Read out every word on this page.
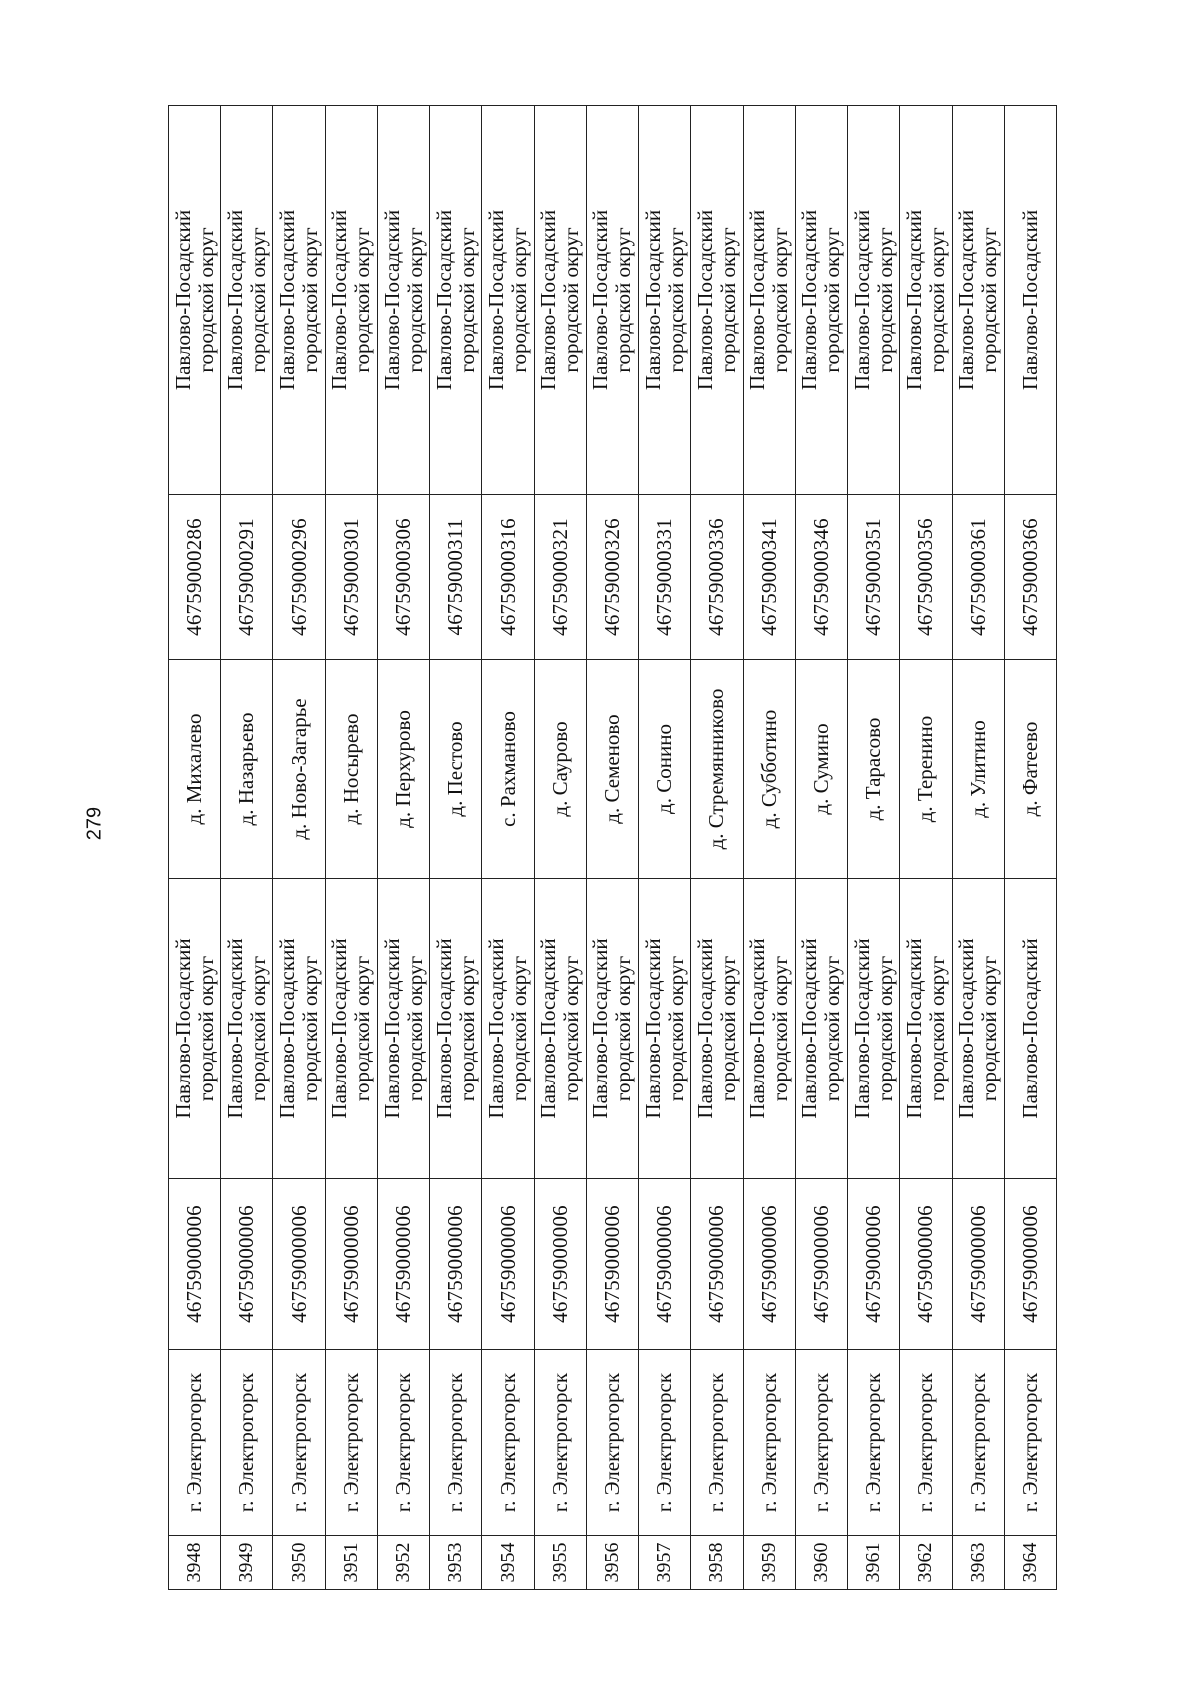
279
3948	г. Электрогорск	46759000006	Павлово-Посадский городской округ	д. Михалево	46759000286	Павлово-Посадский городской округ

3949	г. Электрогорск	46759000006	Павлово-Посадский городской округ	д. Назарьево	46759000291	Павлово-Посадский городской округ

3950	г. Электрогорск	46759000006	Павлово-Посадский городской округ	д. Ново-Загарье	46759000296	Павлово-Посадский городской округ

3951	г. Электрогорск	46759000006	Павлово-Посадский городской округ	д. Носырево	46759000301	Павлово-Посадский городской округ

3952	г. Электрогорск	46759000006	Павлово-Посадский городской округ	д. Перхурово	46759000306	Павлово-Посадский городской округ

3953	г. Электрогорск	46759000006	Павлово-Посадский городской округ	д. Пестово	46759000311	Павлово-Посадский городской округ

3954	г. Электрогорск	46759000006	Павлово-Посадский городской округ	с. Рахманово	46759000316	Павлово-Посадский городской округ

3955	г. Электрогорск	46759000006	Павлово-Посадский городской округ	д. Саурово	46759000321	Павлово-Посадский городской округ

3956	г. Электрогорск	46759000006	Павлово-Посадский городской округ	д. Семеново	46759000326	Павлово-Посадский городской округ

3957	г. Электрогорск	46759000006	Павлово-Посадский городской округ	д. Сонино	46759000331	Павлово-Посадский городской округ

3958	г. Электрогорск	46759000006	Павлово-Посадский городской округ	д. Стремянниково	46759000336	Павлово-Посадский городской округ

3959	г. Электрогорск	46759000006	Павлово-Посадский городской округ	д. Субботино	46759000341	Павлово-Посадский городской округ

3960	г. Электрогорск	46759000006	Павлово-Посадский городской округ	д. Сумино	46759000346	Павлово-Посадский городской округ

3961	г. Электрогорск	46759000006	Павлово-Посадский городской округ	д. Тарасово	46759000351	Павлово-Посадский городской округ

3962	г. Электрогорск	46759000006	Павлово-Посадский городской округ	д. Теренино	46759000356	Павлово-Посадский городской округ

3963	г. Электрогорск	46759000006	Павлово-Посадский городской округ	д. Улитино	46759000361	Павлово-Посадский городской округ

3964	г. Электрогорск	46759000006	Павлово-Посадский	д. Фатеево	46759000366	Павлово-Посадский
